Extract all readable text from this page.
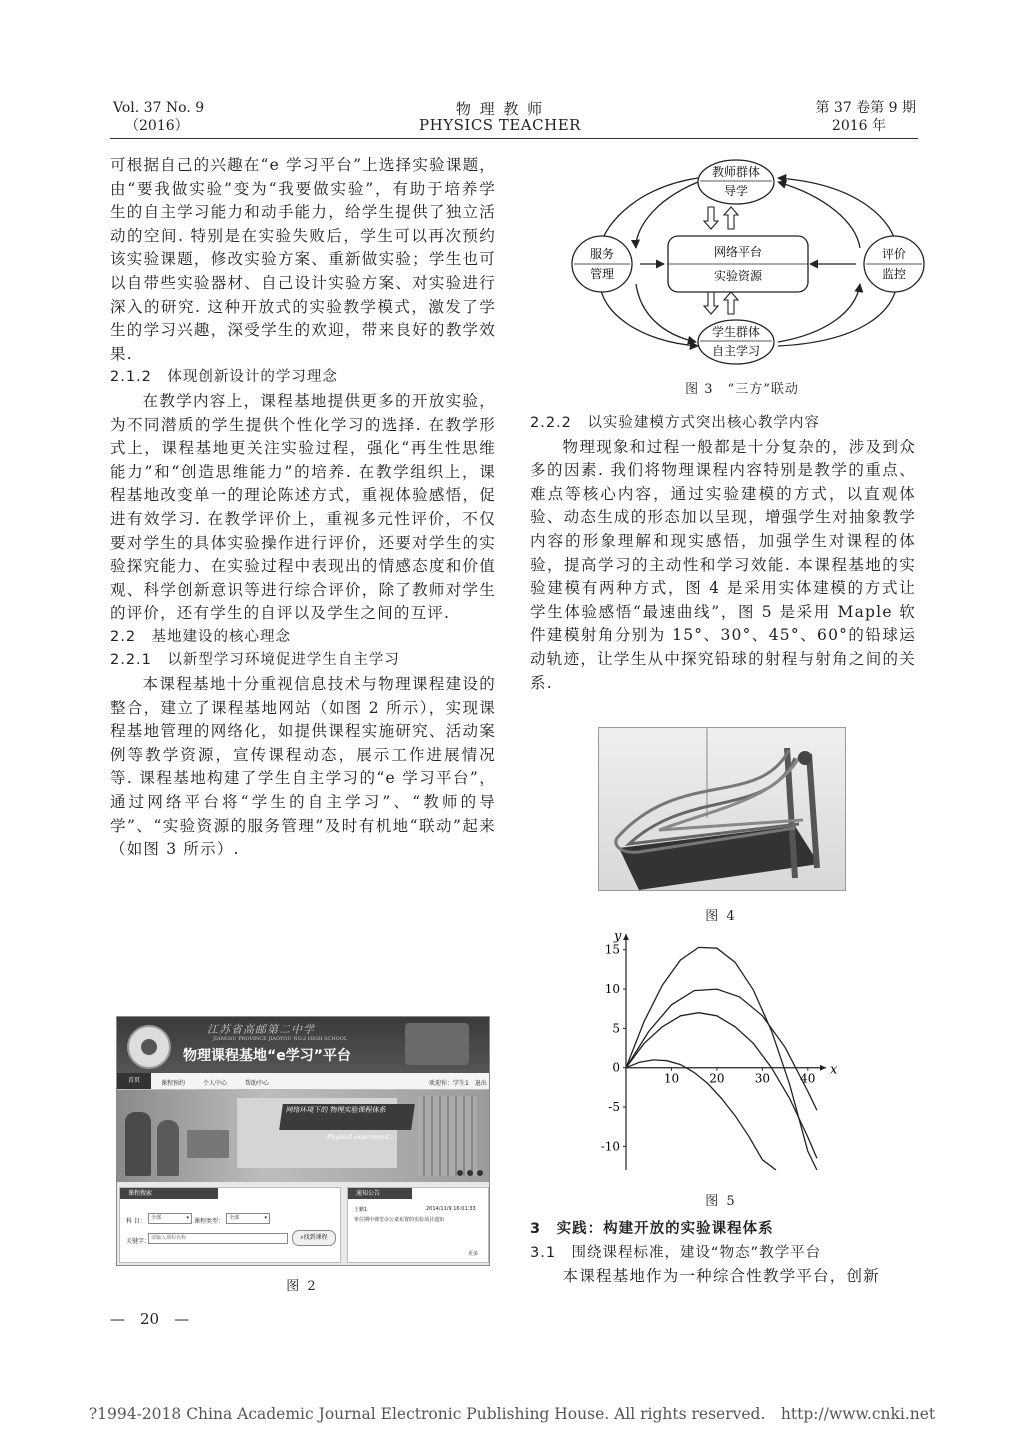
Vol. 37 No. 9
（2016）
物 理 教 师
PHYSICS TEACHER
第 37 卷第 9 期
2016 年

可根据自己的兴趣在“e 学习平台”上选择实验课题，由“要我做实验”变为“我要做实验”，有助于培养学生的自主学习能力和动手能力，给学生提供了独立活动的空间. 特别是在实验失败后，学生可以再次预约该实验课题，修改实验方案、重新做实验；学生也可以自带些实验器材、自己设计实验方案、对实验进行深入的研究. 这种开放式的实验教学模式，激发了学生的学习兴趣，深受学生的欢迎，带来良好的教学效果.

2.1.2　体现创新设计的学习理念

在教学内容上，课程基地提供更多的开放实验，为不同潜质的学生提供个性化学习的选择. 在教学形式上，课程基地更关注实验过程，强化“再生性思维能力”和“创造思维能力”的培养. 在教学组织上，课程基地改变单一的理论陈述方式，重视体验感悟，促进有效学习. 在教学评价上，重视多元性评价，不仅要对学生的具体实验操作进行评价，还要对学生的实验探究能力、在实验过程中表现出的情感态度和价值观、科学创新意识等进行综合评价，除了教师对学生的评价，还有学生的自评以及学生之间的互评.

2.2　基地建设的核心理念

2.2.1　以新型学习环境促进学生自主学习

本课程基地十分重视信息技术与物理课程建设的整合，建立了课程基地网站（如图 2 所示），实现课程基地管理的网络化，如提供课程实施研究、活动案例等教学资源，宣传课程动态，展示工作进展情况等. 课程基地构建了学生自主学习的“e 学习平台”，通过网络平台将“学生的自主学习”、“教师的导学”、“实验资源的服务管理”及时有机地“联动”起来（如图 3 所示）.

江苏省高邮第二中学
JIANGSU PROVINCE JIAOYOU NO.2 HIGH SCHOOL
物理课程基地“e学习”平台
首页	课程预约	个人中心	帮助中心	欢迎你：学生1　退出
网络环境下的 物理实验课程体系
Physical experiment...
课程搜索
科 目：	全部	▾ 课程类型： 全部	▾
关键字： 请输入课程名称	⌕找到课程
通知公告
王鹏1	2014/11/9 16:01:33
单位期中课堂办公桌布置的实验项目通知
更多
图 2
教师群体
导学
服务
管理
网络平台
实验资源
评价
监控
学生群体
自主学习
图 3　“三方”联动

2.2.2　以实验建模方式突出核心教学内容

物理现象和过程一般都是十分复杂的，涉及到众多的因素. 我们将物理课程内容特别是教学的重点、难点等核心内容，通过实验建模的方式，以直观体验、动态生成的形态加以呈现，增强学生对抽象教学内容的形象理解和现实感悟，加强学生对课程的体验，提高学习的主动性和学习效能. 本课程基地的实验建模有两种方式，图 4 是采用实体建模的方式让学生体验感悟“最速曲线”，图 5 是采用 Maple 软件建模射角分别为 15°、30°、45°、60°的铅球运动轨迹，让学生从中探究铅球的射程与射角之间的关系.

图 4
x
y
10	20	30	40
15
10
5
0
-5
-10
图 5

3　实践：构建开放的实验课程体系

3.1　围绕课程标准，建设“物态”教学平台

本课程基地作为一种综合性教学平台，创新

—　20　—
?1994-2018 China Academic Journal Electronic Publishing House. All rights reserved.　http://www.cnki.net
